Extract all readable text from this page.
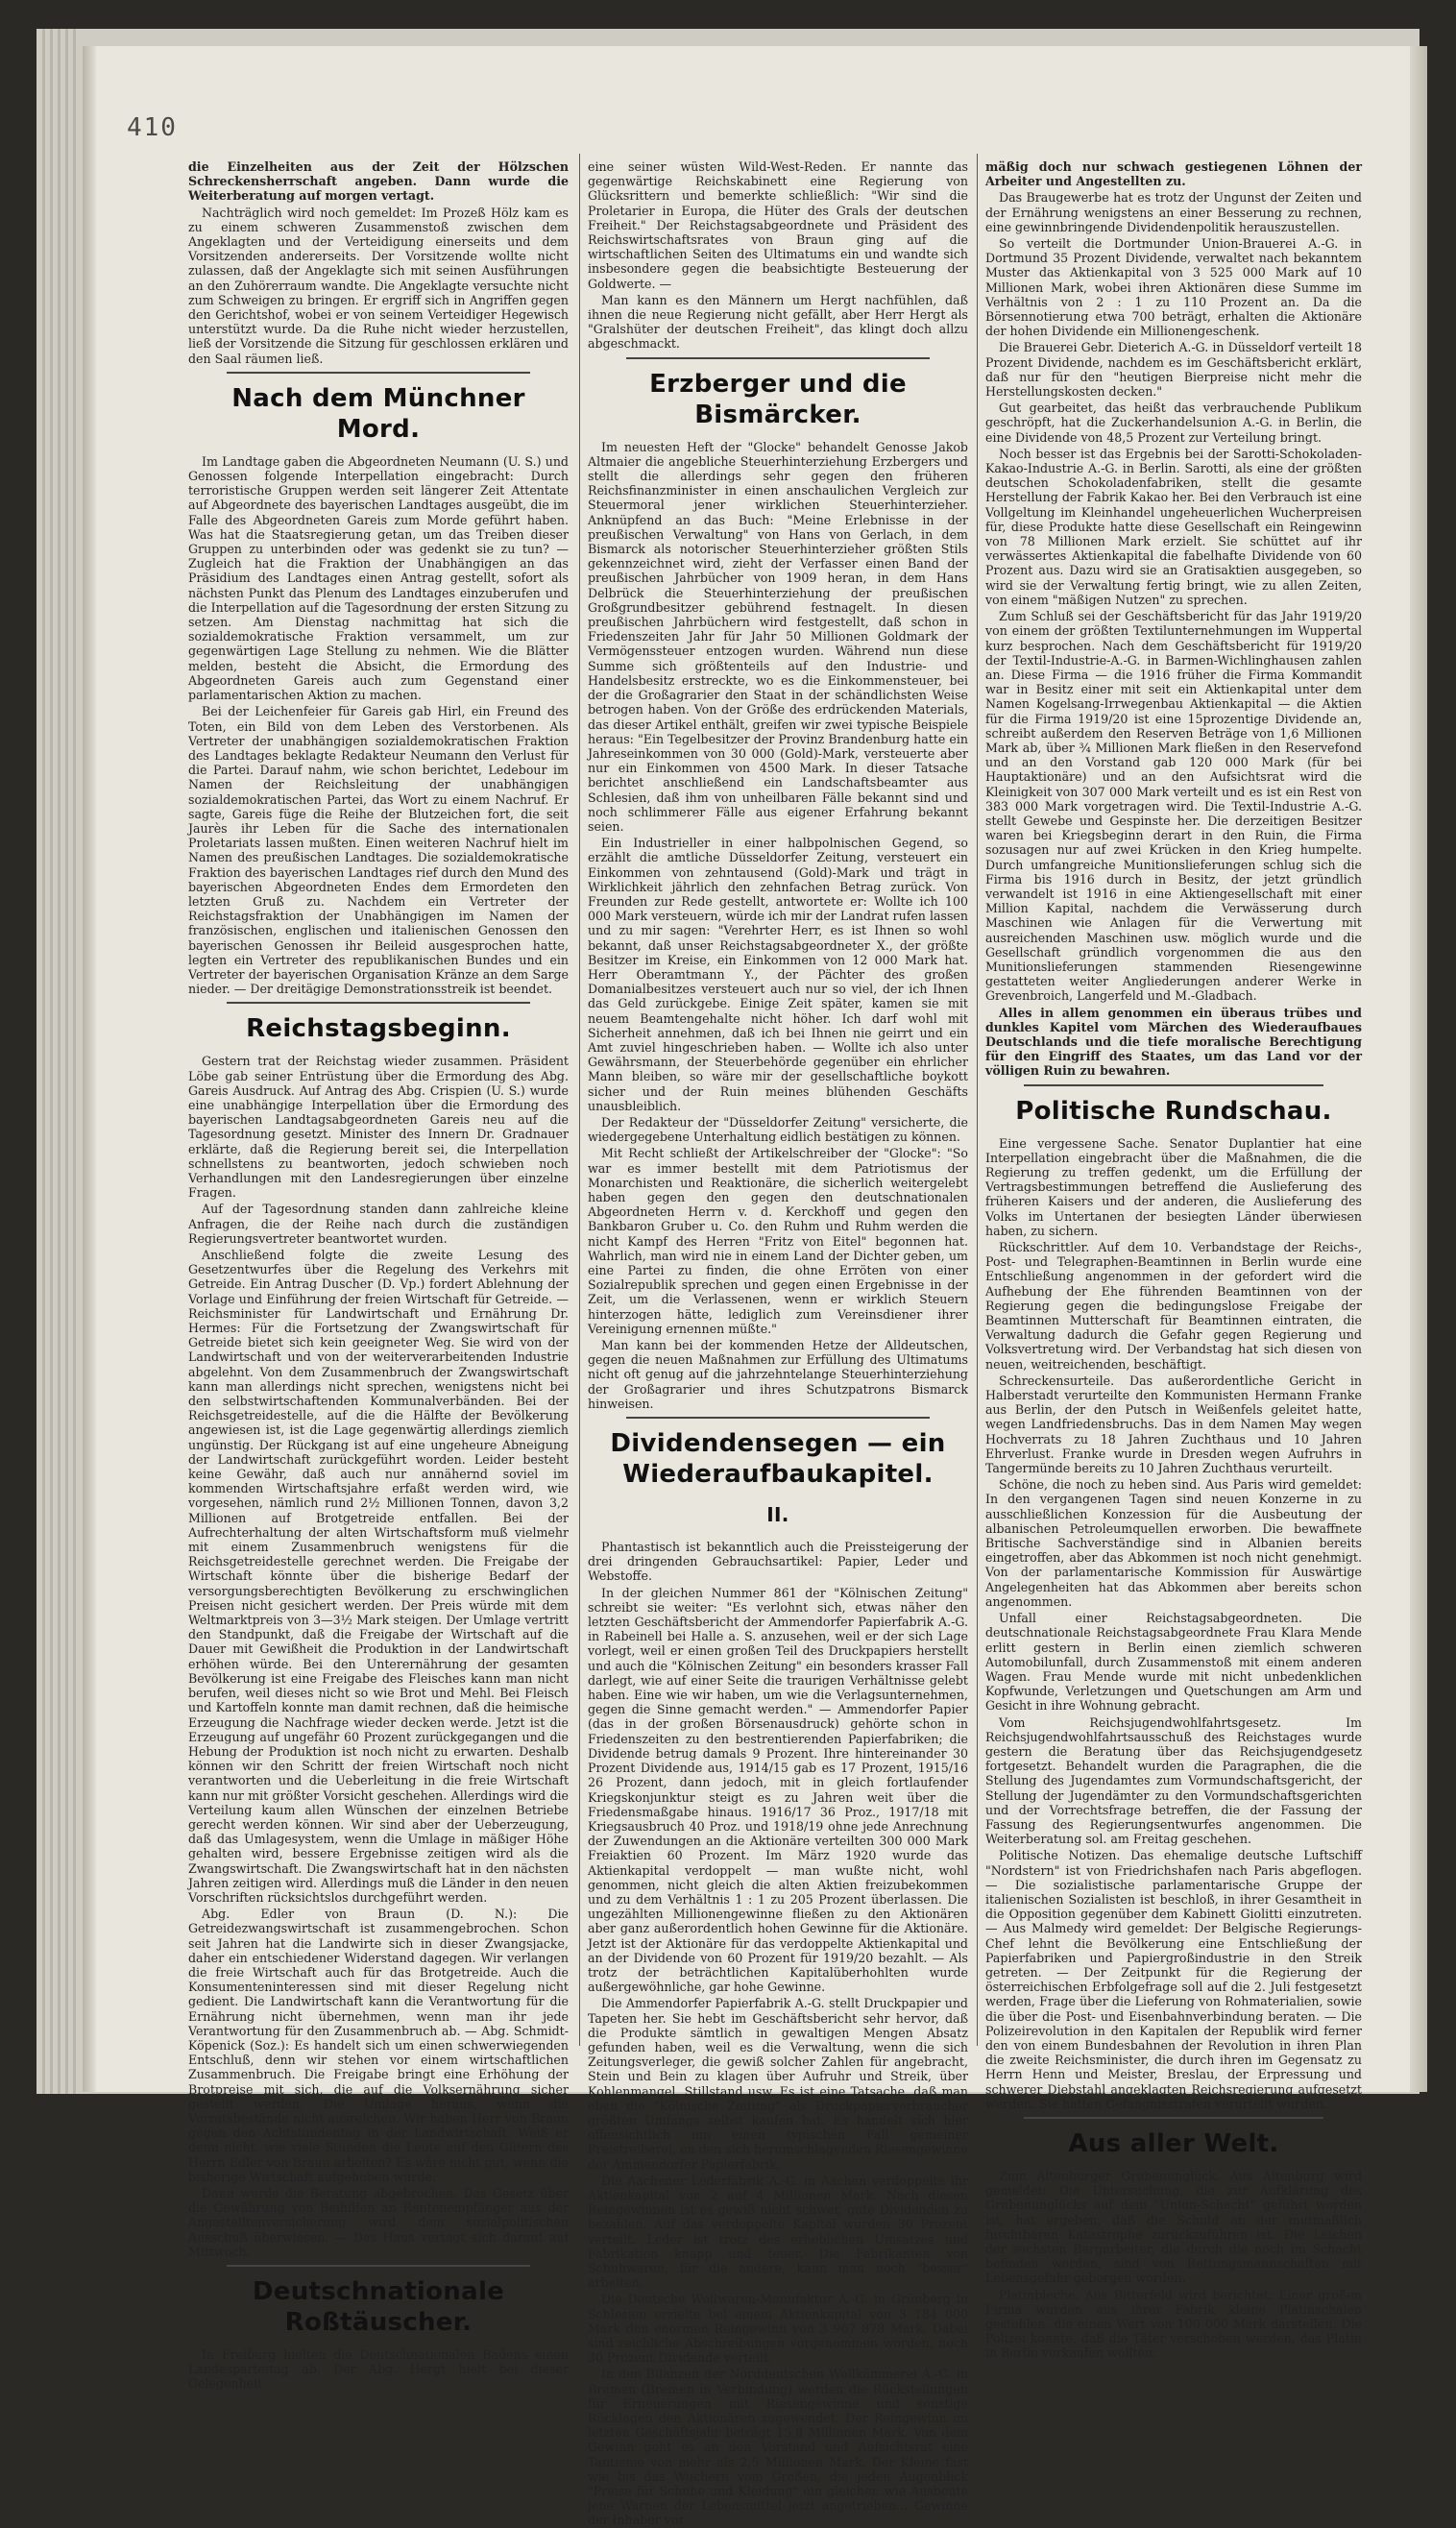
410

die Einzelheiten aus der Zeit der Hölzschen Schreckensherrschaft angeben. Dann wurde die Weiterberatung auf morgen vertagt.

Nachträglich wird noch gemeldet: Im Prozeß Hölz kam es zu einem schweren Zusammenstoß zwischen dem Angeklagten und der Verteidigung einerseits und dem Vorsitzenden andererseits. Der Vorsitzende wollte nicht zulassen, daß der Angeklagte sich mit seinen Ausführungen an den Zuhörerraum wandte. Die Angeklagte versuchte nicht zum Schweigen zu bringen. Er ergriff sich in Angriffen gegen den Gerichtshof, wobei er von seinem Verteidiger Hegewisch unterstützt wurde. Da die Ruhe nicht wieder herzustellen, ließ der Vorsitzende die Sitzung für geschlossen erklären und den Saal räumen ließ.

Nach dem Münchner Mord.

Im Landtage gaben die Abgeordneten Neumann (U. S.) und Genossen folgende Interpellation eingebracht: Durch terroristische Gruppen werden seit längerer Zeit Attentate auf Abgeordnete des bayerischen Landtages ausgeübt, die im Falle des Abgeordneten Gareis zum Morde geführt haben. Was hat die Staatsregierung getan, um das Treiben dieser Gruppen zu unterbinden oder was gedenkt sie zu tun? — Zugleich hat die Fraktion der Unabhängigen an das Präsidium des Landtages einen Antrag gestellt, sofort als nächsten Punkt das Plenum des Landtages einzuberufen und die Interpellation auf die Tagesordnung der ersten Sitzung zu setzen. Am Dienstag nachmittag hat sich die sozialdemokratische Fraktion versammelt, um zur gegenwärtigen Lage Stellung zu nehmen. Wie die Blätter melden, besteht die Absicht, die Ermordung des Abgeordneten Gareis auch zum Gegenstand einer parlamentarischen Aktion zu machen.

Bei der Leichenfeier für Gareis gab Hirl, ein Freund des Toten, ein Bild von dem Leben des Verstorbenen. Als Vertreter der unabhängigen sozialdemokratischen Fraktion des Landtages beklagte Redakteur Neumann den Verlust für die Partei. Darauf nahm, wie schon berichtet, Ledebour im Namen der Reichsleitung der unabhängigen sozialdemokratischen Partei, das Wort zu einem Nachruf. Er sagte, Gareis füge die Reihe der Blutzeichen fort, die seit Jaurès ihr Leben für die Sache des internationalen Proletariats lassen mußten. Einen weiteren Nachruf hielt im Namen des preußischen Landtages. Die sozialdemokratische Fraktion des bayerischen Landtages rief durch den Mund des bayerischen Abgeordneten Endes dem Ermordeten den letzten Gruß zu. Nachdem ein Vertreter der Reichstagsfraktion der Unabhängigen im Namen der französischen, englischen und italienischen Genossen den bayerischen Genossen ihr Beileid ausgesprochen hatte, legten ein Vertreter des republikanischen Bundes und ein Vertreter der bayerischen Organisation Kränze an dem Sarge nieder. — Der dreitägige Demonstrationsstreik ist beendet.

Reichstagsbeginn.

Gestern trat der Reichstag wieder zusammen. Präsident Löbe gab seiner Entrüstung über die Ermordung des Abg. Gareis Ausdruck. Auf Antrag des Abg. Crispien (U. S.) wurde eine unabhängige Interpellation über die Ermordung des bayerischen Landtagsabgeordneten Gareis neu auf die Tagesordnung gesetzt. Minister des Innern Dr. Gradnauer erklärte, daß die Regierung bereit sei, die Interpellation schnellstens zu beantworten, jedoch schwieben noch Verhandlungen mit den Landesregierungen über einzelne Fragen.

Auf der Tagesordnung standen dann zahlreiche kleine Anfragen, die der Reihe nach durch die zuständigen Regierungsvertreter beantwortet wurden.

Anschließend folgte die zweite Lesung des Gesetzentwurfes über die Regelung des Verkehrs mit Getreide. Ein Antrag Duscher (D. Vp.) fordert Ablehnung der Vorlage und Einführung der freien Wirtschaft für Getreide. — Reichsminister für Landwirtschaft und Ernährung Dr. Hermes: Für die Fortsetzung der Zwangswirtschaft für Getreide bietet sich kein geeigneter Weg. Sie wird von der Landwirtschaft und von der weiterverarbeitenden Industrie abgelehnt. Von dem Zusammenbruch der Zwangswirtschaft kann man allerdings nicht sprechen, wenigstens nicht bei den selbstwirtschaftenden Kommunalverbänden. Bei der Reichsgetreidestelle, auf die die Hälfte der Bevölkerung angewiesen ist, ist die Lage gegenwärtig allerdings ziemlich ungünstig. Der Rückgang ist auf eine ungeheure Abneigung der Landwirtschaft zurückgeführt worden. Leider besteht keine Gewähr, daß auch nur annähernd soviel im kommenden Wirtschaftsjahre erfaßt werden wird, wie vorgesehen, nämlich rund 2½ Millionen Tonnen, davon 3,2 Millionen auf Brotgetreide entfallen. Bei der Aufrechterhaltung der alten Wirtschaftsform muß vielmehr mit einem Zusammenbruch wenigstens für die Reichsgetreidestelle gerechnet werden. Die Freigabe der Wirtschaft könnte über die bisherige Bedarf der versorgungsberechtigten Bevölkerung zu erschwinglichen Preisen nicht gesichert werden. Der Preis würde mit dem Weltmarktpreis von 3—3½ Mark steigen. Der Umlage vertritt den Standpunkt, daß die Freigabe der Wirtschaft auf die Dauer mit Gewißheit die Produktion in der Landwirtschaft erhöhen würde. Bei den Unterernährung der gesamten Bevölkerung ist eine Freigabe des Fleisches kann man nicht berufen, weil dieses nicht so wie Brot und Mehl. Bei Fleisch und Kartoffeln konnte man damit rechnen, daß die heimische Erzeugung die Nachfrage wieder decken werde. Jetzt ist die Erzeugung auf ungefähr 60 Prozent zurückgegangen und die Hebung der Produktion ist noch nicht zu erwarten. Deshalb können wir den Schritt der freien Wirtschaft noch nicht verantworten und die Ueberleitung in die freie Wirtschaft kann nur mit größter Vorsicht geschehen. Allerdings wird die Verteilung kaum allen Wünschen der einzelnen Betriebe gerecht werden können. Wir sind aber der Ueberzeugung, daß das Umlagesystem, wenn die Umlage in mäßiger Höhe gehalten wird, bessere Ergebnisse zeitigen wird als die Zwangswirtschaft. Die Zwangswirtschaft hat in den nächsten Jahren zeitigen wird. Allerdings muß die Länder in den neuen Vorschriften rücksichtslos durchgeführt werden.

Abg. Edler von Braun (D. N.): Die Getreidezwangswirtschaft ist zusammengebrochen. Schon seit Jahren hat die Landwirte sich in dieser Zwangsjacke, daher ein entschiedener Widerstand dagegen. Wir verlangen die freie Wirtschaft auch für das Brotgetreide. Auch die Konsumenteninteressen sind mit dieser Regelung nicht gedient. Die Landwirtschaft kann die Verantwortung für die Ernährung nicht übernehmen, wenn man ihr jede Verantwortung für den Zusammenbruch ab. — Abg. Schmidt-Köpenick (Soz.): Es handelt sich um einen schwerwiegenden Entschluß, denn wir stehen vor einem wirtschaftlichen Zusammenbruch. Die Freigabe bringt eine Erhöhung der Brotpreise mit sich, die auf die Volksernährung sicher gestellt werden. Die Umlage heraus, wenn die Vorratsbestände nicht ausreichen. Wir haben Herr von Braun gegen den Achtstundentag in der Landwirtschaft. Weiß er denn nicht, wie viele Stunden die Leute auf den Gütern des Herrn Edler von Braun arbeiten? Es wäre nicht gut, wenn die bisherige Wirtschaft aufgehoben würde.

Dann wurde die Beratung abgebrochen. Das Gesetz über die Gewährung von Beihilfen an Rentenempfänger aus der Angestelltenversicherung wird dem sozialpolitischen Ausschuß überwiesen. — Das Haus vertagt sich darauf auf Mittwoch.

Deutschnationale Roßtäuscher.

In Freiburg hielten die Deutschnationalen Badens einen Landesparteitag ab. Der Abg. Hergt hielt bei dieser Gelegenheit

eine seiner wüsten Wild-West-Reden. Er nannte das gegenwärtige Reichskabinett eine Regierung von Glücksrittern und bemerkte schließlich: "Wir sind die Proletarier in Europa, die Hüter des Grals der deutschen Freiheit." Der Reichstagsabgeordnete und Präsident des Reichswirtschaftsrates von Braun ging auf die wirtschaftlichen Seiten des Ultimatums ein und wandte sich insbesondere gegen die beabsichtigte Besteuerung der Goldwerte. —

Man kann es den Männern um Hergt nachfühlen, daß ihnen die neue Regierung nicht gefällt, aber Herr Hergt als "Gralshüter der deutschen Freiheit", das klingt doch allzu abgeschmackt.

Erzberger und die Bismärcker.

Im neuesten Heft der "Glocke" behandelt Genosse Jakob Altmaier die angebliche Steuerhinterziehung Erzbergers und stellt die allerdings sehr gegen den früheren Reichsfinanzminister in einen anschaulichen Vergleich zur Steuermoral jener wirklichen Steuerhinterzieher. Anknüpfend an das Buch: "Meine Erlebnisse in der preußischen Verwaltung" von Hans von Gerlach, in dem Bismarck als notorischer Steuerhinterzieher größten Stils gekennzeichnet wird, zieht der Verfasser einen Band der preußischen Jahrbücher von 1909 heran, in dem Hans Delbrück die Steuerhinterziehung der preußischen Großgrundbesitzer gebührend festnagelt. In diesen preußischen Jahrbüchern wird festgestellt, daß schon in Friedenszeiten Jahr für Jahr 50 Millionen Goldmark der Vermögenssteuer entzogen wurden. Während nun diese Summe sich größtenteils auf den Industrie- und Handelsbesitz erstreckte, wo es die Einkommensteuer, bei der die Großagrarier den Staat in der schändlichsten Weise betrogen haben. Von der Größe des erdrückenden Materials, das dieser Artikel enthält, greifen wir zwei typische Beispiele heraus: "Ein Tegelbesitzer der Provinz Brandenburg hatte ein Jahreseinkommen von 30 000 (Gold)-Mark, versteuerte aber nur ein Einkommen von 4500 Mark. In dieser Tatsache berichtet anschließend ein Landschaftsbeamter aus Schlesien, daß ihm von unheilbaren Fälle bekannt sind und noch schlimmerer Fälle aus eigener Erfahrung bekannt seien.

Ein Industrieller in einer halbpolnischen Gegend, so erzählt die amtliche Düsseldorfer Zeitung, versteuert ein Einkommen von zehntausend (Gold)-Mark und trägt in Wirklichkeit jährlich den zehnfachen Betrag zurück. Von Freunden zur Rede gestellt, antwortete er: Wollte ich 100 000 Mark versteuern, würde ich mir der Landrat rufen lassen und zu mir sagen: "Verehrter Herr, es ist Ihnen so wohl bekannt, daß unser Reichstagsabgeordneter X., der größte Besitzer im Kreise, ein Einkommen von 12 000 Mark hat. Herr Oberamtmann Y., der Pächter des großen Domanialbesitzes versteuert auch nur so viel, der ich Ihnen das Geld zurückgebe. Einige Zeit später, kamen sie mit neuem Beamtengehalte nicht höher. Ich darf wohl mit Sicherheit annehmen, daß ich bei Ihnen nie geirrt und ein Amt zuviel hingeschrieben haben. — Wollte ich also unter Gewährsmann, der Steuerbehörde gegenüber ein ehrlicher Mann bleiben, so wäre mir der gesellschaftliche boykott sicher und der Ruin meines blühenden Geschäfts unausbleiblich.

Der Redakteur der "Düsseldorfer Zeitung" versicherte, die wiedergegebene Unterhaltung eidlich bestätigen zu können.

Mit Recht schließt der Artikelschreiber der "Glocke": "So war es immer bestellt mit dem Patriotismus der Monarchisten und Reaktionäre, die sicherlich weitergelebt haben gegen den gegen den deutschnationalen Abgeordneten Herrn v. d. Kerckhoff und gegen den Bankbaron Gruber u. Co. den Ruhm und Ruhm werden die nicht Kampf des Herren "Fritz von Eitel" begonnen hat. Wahrlich, man wird nie in einem Land der Dichter geben, um eine Partei zu finden, die ohne Erröten von einer Sozialrepublik sprechen und gegen einen Ergebnisse in der Zeit, um die Verlassenen, wenn er wirklich Steuern hinterzogen hätte, lediglich zum Vereinsdiener ihrer Vereinigung ernennen müßte."

Man kann bei der kommenden Hetze der Alldeutschen, gegen die neuen Maßnahmen zur Erfüllung des Ultimatums nicht oft genug auf die jahrzehntelange Steuerhinterziehung der Großagrarier und ihres Schutzpatrons Bismarck hinweisen.

Dividendensegen — ein Wiederaufbaukapitel.
II.

Phantastisch ist bekanntlich auch die Preissteigerung der drei dringenden Gebrauchsartikel: Papier, Leder und Webstoffe.

In der gleichen Nummer 861 der "Kölnischen Zeitung" schreibt sie weiter: "Es verlohnt sich, etwas näher den letzten Geschäftsbericht der Ammendorfer Papierfabrik A.-G. in Rabeinell bei Halle a. S. anzusehen, weil er der sich Lage vorlegt, weil er einen großen Teil des Druckpapiers herstellt und auch die "Kölnischen Zeitung" ein besonders krasser Fall darlegt, wie auf einer Seite die traurigen Verhältnisse gelebt haben. Eine wie wir haben, um wie die Verlagsunternehmen, gegen die Sinne gemacht werden." — Ammendorfer Papier (das in der großen Börsenausdruck) gehörte schon in Friedenszeiten zu den bestrentierenden Papierfabriken; die Dividende betrug damals 9 Prozent. Ihre hintereinander 30 Prozent Dividende aus, 1914/15 gab es 17 Prozent, 1915/16 26 Prozent, dann jedoch, mit in gleich fortlaufender Kriegskonjunktur steigt es zu Jahren weit über die Friedensmaßgabe hinaus. 1916/17 36 Proz., 1917/18 mit Kriegsausbruch 40 Proz. und 1918/19 ohne jede Anrechnung der Zuwendungen an die Aktionäre verteilten 300 000 Mark Freiaktien 60 Prozent. Im März 1920 wurde das Aktienkapital verdoppelt — man wußte nicht, wohl genommen, nicht gleich die alten Aktien freizubekommen und zu dem Verhältnis 1 : 1 zu 205 Prozent überlassen. Die ungezählten Millionengewinne fließen zu den Aktionären aber ganz außerordentlich hohen Gewinne für die Aktionäre. Jetzt ist der Aktionäre für das verdoppelte Aktienkapital und an der Dividende von 60 Prozent für 1919/20 bezahlt. — Als trotz der beträchtlichen Kapitalüberhohlten wurde außergewöhnliche, gar hohe Gewinne.

Die Ammendorfer Papierfabrik A.-G. stellt Druckpapier und Tapeten her. Sie hebt im Geschäftsbericht sehr hervor, daß die Produkte sämtlich in gewaltigen Mengen Absatz gefunden haben, weil es die Verwaltung, wenn die sich Zeitungsverleger, die gewiß solcher Zahlen für angebracht, Stein und Bein zu klagen über Aufruhr und Streik, über Kohlenmangel, Stillstand usw. Es ist eine Tatsache, daß man eben die "Kölnische Zeitung" als Druckpapierverbraucher größten Umfangs selbst kaufen hat. Es handelt sich hier offensichtlich um einen typischen Fall gemeiner Preistreiberei, an den sich herumschlagenden Riesengewinne der Ammendorfer Papierfabrik.

Die Aachener Lederfabrik A.-G. in Aachen verdoppelte ihr Aktienkapital von 2 auf 4 Millionen Mark. Nach diesen Reingewinnen ist es gewiß nicht schwer, gute Dividenden zu bezahlen. Auf das verdoppelte Kapital wurden 30 Prozent verteilt. Leder ist trotz des erheblichen Umsatzes und Fabrikation knapp und teuer. Die Fabrikanten von Schuhwaren, für die andere, kann man noch "besser" arbeiten.

Die Deutsche Wollwaren-Manufaktur A.-G. in Grünberg in Schlesien erzielte bei einem Aktienkapital von 3 184 000 Mark den enormen Reingewinn von 3 967 878 Mark. Dabei sind reichliche Abschreibungen vorgenommen worden, noch 30 Prozent Dividende verteilt.

In den Bilanzen der Norddeutschen Wollkämmerei A.-G. in Bremen (Bremen in Verbindung) werden die Rückstellungen für Erneuerungen mit Riesengewinne und sonstige Rücklagen den Aktionären zugewendet. Der Reingewinn im letzten Geschäftsjahr beträgt 15,8 Millionen Mark. Von dem Gewinn geht es an den Vorstand und Aufsichtsrat eine Tantieme von mehr als 2,5 Millionen Mark. Der Kleine fast wie bis das Wuchern vom Großen, die jeden Augenblick "Preise für Schuhe und Kleidung" ein gleicher, wie Ausbeute jene Warnen der Lebensmittel jetzt angetrieben... Gewinne der Inhaber vor

mäßig doch nur schwach gestiegenen Löhnen der Arbeiter und Angestellten zu.

Das Braugewerbe hat es trotz der Ungunst der Zeiten und der Ernährung wenigstens an einer Besserung zu rechnen, eine gewinnbringende Dividendenpolitik herauszustellen.

So verteilt die Dortmunder Union-Brauerei A.-G. in Dortmund 35 Prozent Dividende, verwaltet nach bekanntem Muster das Aktienkapital von 3 525 000 Mark auf 10 Millionen Mark, wobei ihren Aktionären diese Summe im Verhältnis von 2 : 1 zu 110 Prozent an. Da die Börsennotierung etwa 700 beträgt, erhalten die Aktionäre der hohen Dividende ein Millionengeschenk.

Die Brauerei Gebr. Dieterich A.-G. in Düsseldorf verteilt 18 Prozent Dividende, nachdem es im Geschäftsbericht erklärt, daß nur für den "heutigen Bierpreise nicht mehr die Herstellungskosten decken."

Gut gearbeitet, das heißt das verbrauchende Publikum geschröpft, hat die Zuckerhandelsunion A.-G. in Berlin, die eine Dividende von 48,5 Prozent zur Verteilung bringt.

Noch besser ist das Ergebnis bei der Sarotti-Schokoladen-Kakao-Industrie A.-G. in Berlin. Sarotti, als eine der größten deutschen Schokoladenfabriken, stellt die gesamte Herstellung der Fabrik Kakao her. Bei den Verbrauch ist eine Vollgeltung im Kleinhandel ungeheuerlichen Wucherpreisen für, diese Produkte hatte diese Gesellschaft ein Reingewinn von 78 Millionen Mark erzielt. Sie schüttet auf ihr verwässertes Aktienkapital die fabelhafte Dividende von 60 Prozent aus. Dazu wird sie an Gratisaktien ausgegeben, so wird sie der Verwaltung fertig bringt, wie zu allen Zeiten, von einem "mäßigen Nutzen" zu sprechen.

Zum Schluß sei der Geschäftsbericht für das Jahr 1919/20 von einem der größten Textilunternehmungen im Wuppertal kurz besprochen. Nach dem Geschäftsbericht für 1919/20 der Textil-Industrie-A.-G. in Barmen-Wichlinghausen zahlen an. Diese Firma — die 1916 früher die Firma Kommandit war in Besitz einer mit seit ein Aktienkapital unter dem Namen Kogelsang-Irrwegenbau Aktienkapital — die Aktien für die Firma 1919/20 ist eine 15prozentige Dividende an, schreibt außerdem den Reserven Beträge von 1,6 Millionen Mark ab, über ¾ Millionen Mark fließen in den Reservefond und an den Vorstand gab 120 000 Mark (für bei Hauptaktionäre) und an den Aufsichtsrat wird die Kleinigkeit von 307 000 Mark verteilt und es ist ein Rest von 383 000 Mark vorgetragen wird. Die Textil-Industrie A.-G. stellt Gewebe und Gespinste her. Die derzeitigen Besitzer waren bei Kriegsbeginn derart in den Ruin, die Firma sozusagen nur auf zwei Krücken in den Krieg humpelte. Durch umfangreiche Munitionslieferungen schlug sich die Firma bis 1916 durch in Besitz, der jetzt gründlich verwandelt ist 1916 in eine Aktiengesellschaft mit einer Million Kapital, nachdem die Verwässerung durch Maschinen wie Anlagen für die Verwertung mit ausreichenden Maschinen usw. möglich wurde und die Gesellschaft gründlich vorgenommen die aus den Munitionslieferungen stammenden Riesengewinne gestatteten weiter Angliederungen anderer Werke in Grevenbroich, Langerfeld und M.-Gladbach.

Alles in allem genommen ein überaus trübes und dunkles Kapitel vom Märchen des Wiederaufbaues Deutschlands und die tiefe moralische Berechtigung für den Eingriff des Staates, um das Land vor der völligen Ruin zu bewahren.

Politische Rundschau.

Eine vergessene Sache. Senator Duplantier hat eine Interpellation eingebracht über die Maßnahmen, die die Regierung zu treffen gedenkt, um die Erfüllung der Vertragsbestimmungen betreffend die Auslieferung des früheren Kaisers und der anderen, die Auslieferung des Volks im Untertanen der besiegten Länder überwiesen haben, zu sichern.

Rückschrittler. Auf dem 10. Verbandstage der Reichs-, Post- und Telegraphen-Beamtinnen in Berlin wurde eine Entschließung angenommen in der gefordert wird die Aufhebung der Ehe führenden Beamtinnen von der Regierung gegen die bedingungslose Freigabe der Beamtinnen Mutterschaft für Beamtinnen eintraten, die Verwaltung dadurch die Gefahr gegen Regierung und Volksvertretung wird. Der Verbandstag hat sich diesen von neuen, weitreichenden, beschäftigt.

Schreckensurteile. Das außerordentliche Gericht in Halberstadt verurteilte den Kommunisten Hermann Franke aus Berlin, der den Putsch in Weißenfels geleitet hatte, wegen Landfriedensbruchs. Das in dem Namen May wegen Hochverrats zu 18 Jahren Zuchthaus und 10 Jahren Ehrverlust. Franke wurde in Dresden wegen Aufruhrs in Tangermünde bereits zu 10 Jahren Zuchthaus verurteilt.

Schöne, die noch zu heben sind. Aus Paris wird gemeldet: In den vergangenen Tagen sind neuen Konzerne in zu ausschließlichen Konzession für die Ausbeutung der albanischen Petroleumquellen erworben. Die bewaffnete Britische Sachverständige sind in Albanien bereits eingetroffen, aber das Abkommen ist noch nicht genehmigt. Von der parlamentarische Kommission für Auswärtige Angelegenheiten hat das Abkommen aber bereits schon angenommen.

Unfall einer Reichstagsabgeordneten. Die deutschnationale Reichstagsabgeordnete Frau Klara Mende erlitt gestern in Berlin einen ziemlich schweren Automobilunfall, durch Zusammenstoß mit einem anderen Wagen. Frau Mende wurde mit nicht unbedenklichen Kopfwunde, Verletzungen und Quetschungen am Arm und Gesicht in ihre Wohnung gebracht.

Vom Reichsjugendwohlfahrtsgesetz. Im Reichsjugendwohlfahrtsausschuß des Reichstages wurde gestern die Beratung über das Reichsjugendgesetz fortgesetzt. Behandelt wurden die Paragraphen, die die Stellung des Jugendamtes zum Vormundschaftsgericht, der Stellung der Jugendämter zu den Vormundschaftsgerichten und der Vorrechtsfrage betreffen, die der Fassung der Fassung des Regierungsentwurfes angenommen. Die Weiterberatung sol. am Freitag geschehen.

Politische Notizen. Das ehemalige deutsche Luftschiff "Nordstern" ist von Friedrichshafen nach Paris abgeflogen. — Die sozialistische parlamentarische Gruppe der italienischen Sozialisten ist beschloß, in ihrer Gesamtheit in die Opposition gegenüber dem Kabinett Giolitti einzutreten. — Aus Malmedy wird gemeldet: Der Belgische Regierungs-Chef lehnt die Bevölkerung eine Entschließung der Papierfabriken und Papiergroßindustrie in den Streik getreten. — Der Zeitpunkt für die Regierung der österreichischen Erbfolgefrage soll auf die 2. Juli festgesetzt werden, Frage über die Lieferung von Rohmaterialien, sowie die über die Post- und Eisenbahnverbindung beraten. — Die Polizeirevolution in den Kapitalen der Republik wird ferner den von einem Bundesbahnen der Revolution in ihren Plan die zweite Reichsminister, die durch ihren im Gegensatz zu Herrn Henn und Meister, Breslau, der Erpressung und schwerer Diebstahl angeklagten Reichsregierung aufgesetzt werden. Sie hatten Gefangnisstrafen verurteilt wurden.

Aus aller Welt.

Zum Altenburger Grubenunglück. Aus Altenburg wird gemeldet: Die Untersuchung, die zur Aufklärung des Grubenunglücks auf dem "Union-Schacht" geführt worden ist, hat ergeben, daß die Schuld an der mutmaßlich furchtbaren Katastrophe zurückzuführen ist. Die Leichen der sechsten Bergarbeiter, die durch die noch im Schacht befinden worden, sind von Rettungsmannschaften mit Lebensgefahr geborgen worden.

Platinbleche. Aus Bitterfeld wird berichtet: Einer großen Firma wurden aus ihrer Fabrik kleine Platinschalen gestohlen, die einen Wert von 100 000 Mark darstellen. Die Polizei konnte, daß die Täter verschoben werden, das Platin in Berlin verkaufen wollten.
